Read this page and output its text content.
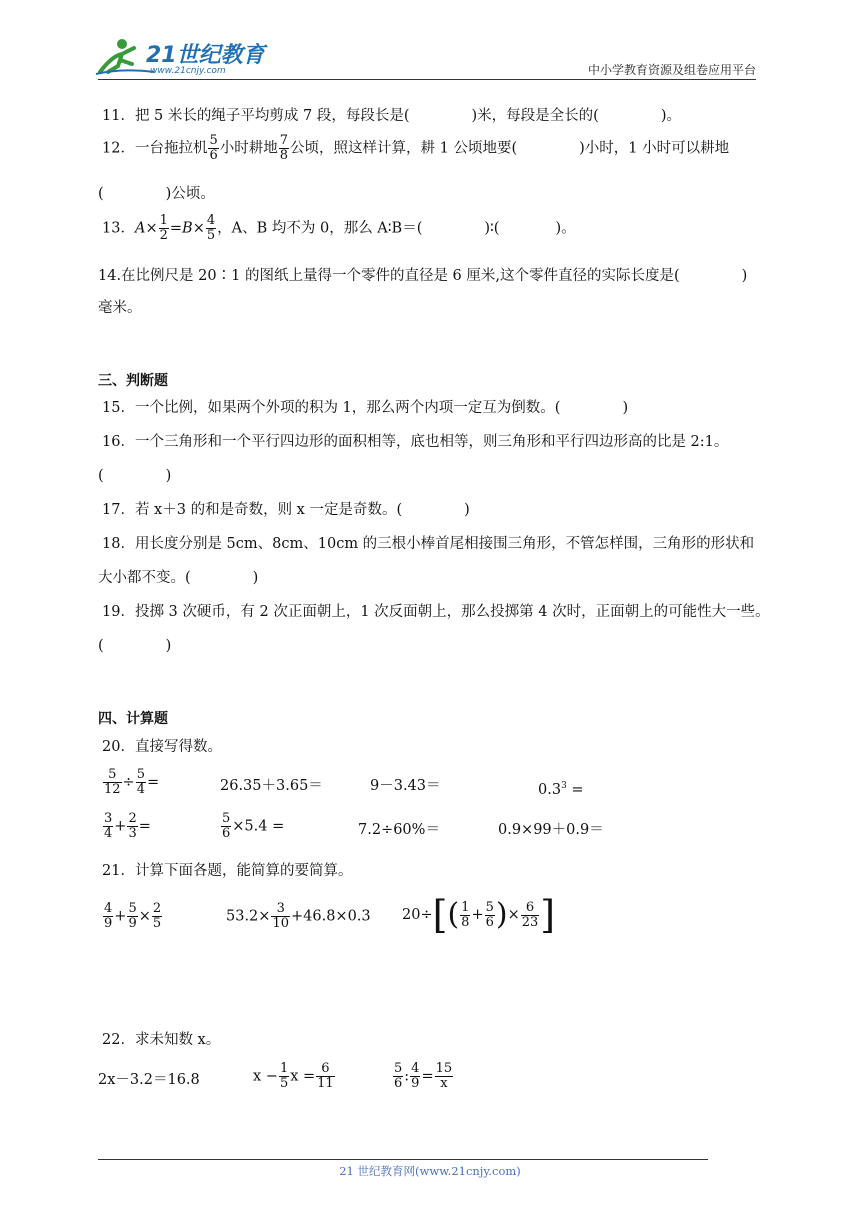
21世纪教育
www.21cnjy.com	中小学教育资源及组卷应用平台
11．把 5 米长的绳子平均剪成 7 段，每段长是(	)米，每段是全长的(	)。
12．一台拖拉机 $\frac{5}{6}$ 小时耕地 $\frac{7}{8}$ 公顷，照这样计算，耕 1 公顷地要(	)小时，1 小时可以耕地
(	)公顷。
13．$A\times \frac{1}{2} =B\times \frac{4}{5}$ ，A、B 均不为 0，那么 A∶B＝(	)∶(	)。
14.在比例尺是 20∶1 的图纸上量得一个零件的直径是 6 厘米,这个零件直径的实际长度是(	)
毫米。
三、判断题
15．一个比例，如果两个外项的积为 1，那么两个内项一定互为倒数。(	)
16．一个三角形和一个平行四边形的面积相等，底也相等，则三角形和平行四边形高的比是 2:1。
(	)
17．若 x＋3 的和是奇数，则 x 一定是奇数。(	)
18．用长度分别是 5cm、8cm、10cm 的三根小棒首尾相接围三角形，不管怎样围，三角形的形状和
大小都不变。(	)
19．投掷 3 次硬币，有 2 次正面朝上，1 次反面朝上，那么投掷第 4 次时，正面朝上的可能性大一些。
(	)
四、计算题
20．直接写得数。
$\frac{5}{12} \div \frac{5}{4}$ =	26.35＋3.65＝	9－3.43＝	$0.3^3$ =
$\frac{3}{4} + \frac{2}{3}$ =	$\frac{5}{6} \times 5.4$ =	7.2÷60%＝	0.9×99＋0.9＝
21．计算下面各题，能简算的要简算。
$\frac{4}{9} + \frac{5}{9} \times \frac{2}{5}$	$53.2\times \frac{3}{10} +46.8\times 0.3$ $20\div[( \frac{1}{8} + \frac{5}{6}$ )× $\frac{6}{23}$ ]
22．求未知数 x。
2x－3.2＝16.8	$x - \frac{1}{5}$ $x = \frac{6}{11}$	$\frac{5}{6}$ : $\frac{4}{9} = \frac{15}{x}$
21 世纪教育网(www.21cnjy.com)
